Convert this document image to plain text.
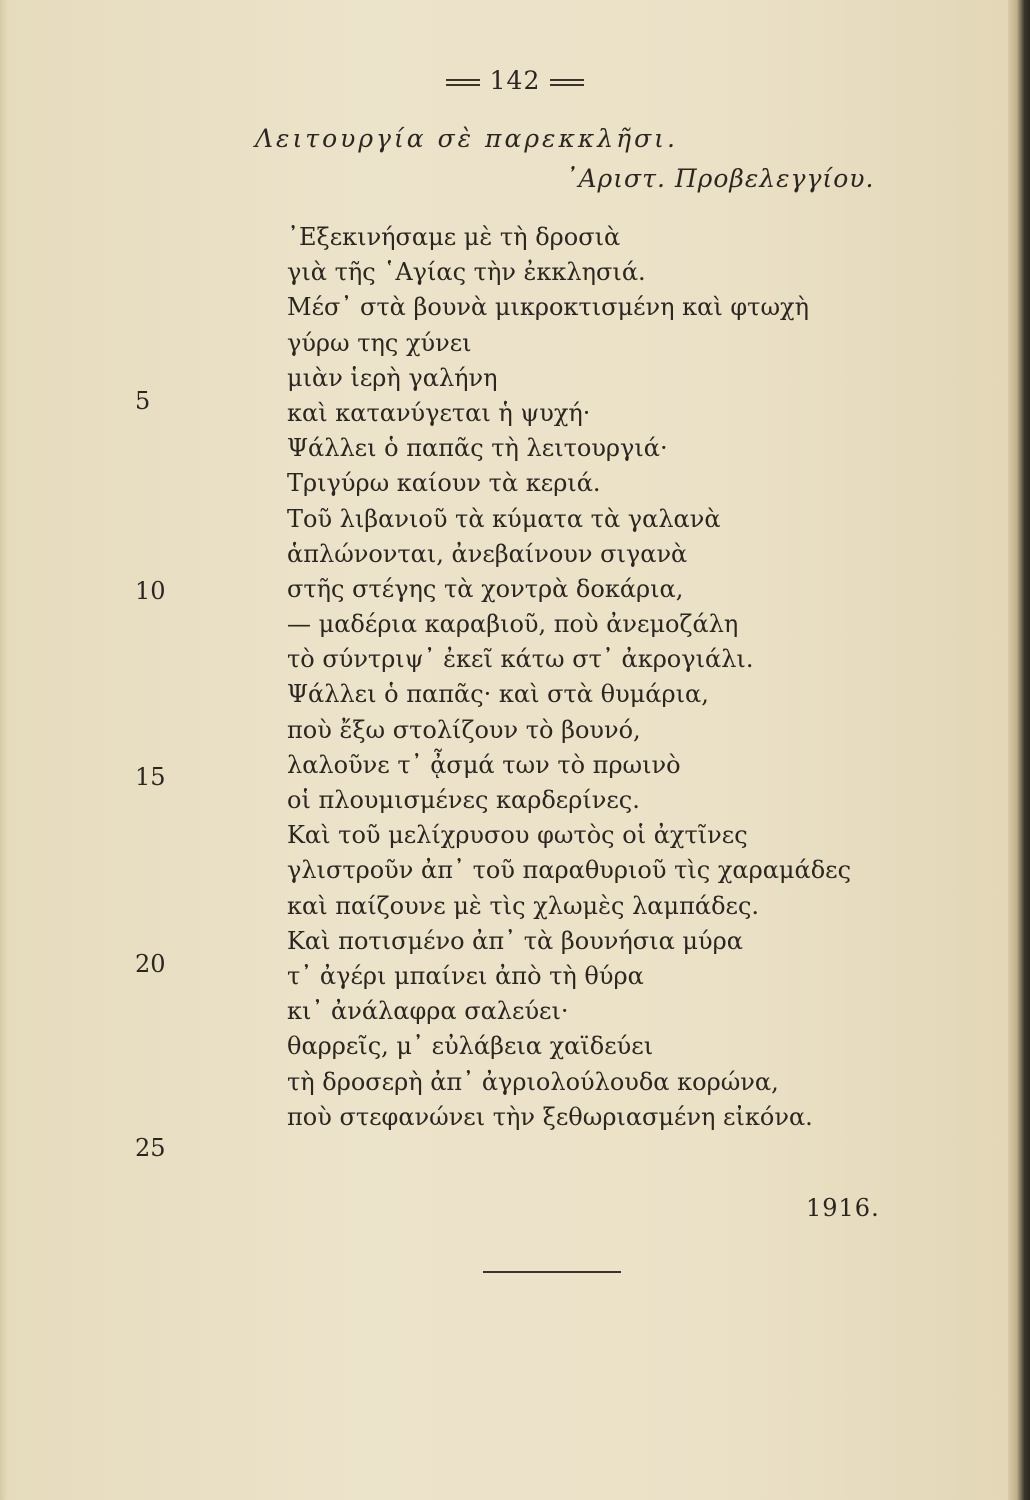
142
Λειτουργία σὲ παρεκκλῆσι.
᾿Αριστ. Προβελεγγίου.
᾿Εξεκινήσαμε μὲ τὴ δροσιὰ
γιὰ τῆς ῾Αγίας τὴν ἐκκλησιά.
Μέσ᾿ στὰ βουνὰ μικροκτισμένη καὶ φτωχὴ
γύρω της χύνει
μιὰν ἱερὴ γαλήνη
καὶ κατανύγεται ἡ ψυχή·
Ψάλλει ὁ παπᾶς τὴ λειτουργιά·
Τριγύρω καίουν τὰ κεριά.
Τοῦ λιβανιοῦ τὰ κύματα τὰ γαλανὰ
ἁπλώνονται, ἀνεβαίνουν σιγανὰ
στῆς στέγης τὰ χοντρὰ δοκάρια,
— μαδέρια καραβιοῦ, ποὺ ἀνεμοζάλη
τὸ σύντριψ᾿ ἐκεῖ κάτω στ᾿ ἀκρογιάλι.
Ψάλλει ὁ παπᾶς· καὶ στὰ θυμάρια,
ποὺ ἔξω στολίζουν τὸ βουνό,
λαλοῦνε τ᾿ ᾆσμά των τὸ πρωινὸ
οἱ πλουμισμένες καρδερίνες.
Καὶ τοῦ μελίχρυσου φωτὸς οἱ ἀχτῖνες
γλιστροῦν ἀπ᾿ τοῦ παραθυριοῦ τὶς χαραμάδες
καὶ παίζουνε μὲ τὶς χλωμὲς λαμπάδες.
Καὶ ποτισμένο ἀπ᾿ τὰ βουνήσια μύρα
τ᾿ ἀγέρι μπαίνει ἀπὸ τὴ θύρα
κι᾿ ἀνάλαφρα σαλεύει·
θαρρεῖς, μ᾿ εὐλάβεια χαϊδεύει
τὴ δροσερὴ ἀπ᾿ ἀγριολούλουδα κορώνα,
ποὺ στεφανώνει τὴν ξεθωριασμένη εἰκόνα.
5
10
15
20
25
1916.
